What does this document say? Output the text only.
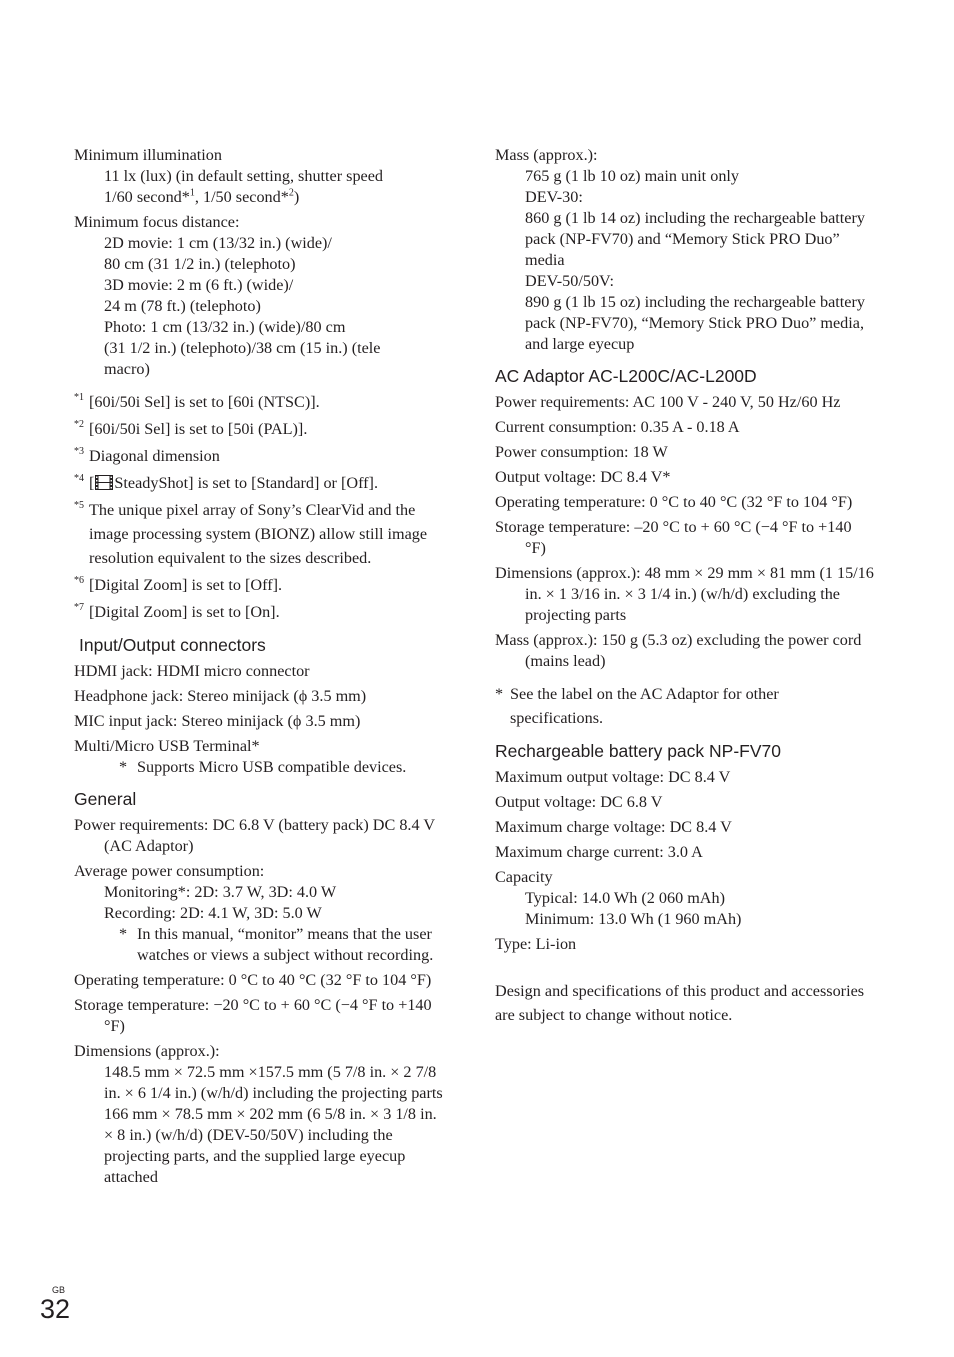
Minimum illumination
11 lx (lux) (in default setting, shutter speed
1/60 second*$^1$, 1/50 second*$^2$)
Minimum focus distance:
2D movie: 1 cm (13/32 in.) (wide)/
80 cm (31 1/2 in.) (telephoto)
3D movie: 2 m (6 ft.) (wide)/
24 m (78 ft.) (telephoto)
Photo: 1 cm (13/32 in.) (wide)/80 cm
(31 1/2 in.) (telephoto)/38 cm (15 in.) (tele
macro)
*1 [60i/50i Sel] is set to [60i (NTSC)].
*2 [60i/50i Sel] is set to [50i (PAL)].
*3 Diagonal dimension
*4 [ SteadyShot] is set to [Standard] or [Off].
*5 The unique pixel array of Sony’s ClearVid and the image processing system (BIONZ) allow still image resolution equivalent to the sizes described.
*6 [Digital Zoom] is set to [Off].
*7 [Digital Zoom] is set to [On].
Input/Output connectors
HDMI jack: HDMI micro connector
Headphone jack: Stereo minijack (ϕ 3.5 mm)
MIC input jack: Stereo minijack (ϕ 3.5 mm)
Multi/Micro USB Terminal*
* Supports Micro USB compatible devices.
General
Power requirements: DC 6.8 V (battery pack) DC 8.4 V (AC Adaptor)
Average power consumption:
Monitoring*: 2D: 3.7 W, 3D: 4.0 W
Recording: 2D: 4.1 W, 3D: 5.0 W
* In this manual, “monitor” means that the user watches or views a subject without recording.
Operating temperature: 0 °C to 40 °C (32 °F to 104 °F)
Storage temperature: −20 °C to + 60 °C (−4 °F to +140 °F)
Dimensions (approx.):
148.5 mm × 72.5 mm ×157.5 mm (5 7/8 in. × 2 7/8 in. × 6 1/4 in.) (w/h/d) including the projecting parts
166 mm × 78.5 mm × 202 mm (6 5/8 in. × 3 1/8 in. × 8 in.) (w/h/d) (DEV-50/50V) including the projecting parts, and the supplied large eyecup attached
Mass (approx.):
765 g (1 lb 10 oz) main unit only
DEV-30:
860 g (1 lb 14 oz) including the rechargeable battery pack (NP-FV70) and “Memory Stick PRO Duo” media
DEV-50/50V:
890 g (1 lb 15 oz) including the rechargeable battery pack (NP-FV70), “Memory Stick PRO Duo” media, and large eyecup
AC Adaptor AC-L200C/AC-L200D
Power requirements: AC 100 V - 240 V, 50 Hz/60 Hz
Current consumption: 0.35 A - 0.18 A
Power consumption: 18 W
Output voltage: DC 8.4 V*
Operating temperature: 0 °C to 40 °C (32 °F to 104 °F)
Storage temperature: –20 °C to + 60 °C (−4 °F to +140 °F)
Dimensions (approx.): 48 mm × 29 mm × 81 mm (1 15/16 in. × 1 3/16 in. × 3 1/4 in.) (w/h/d) excluding the projecting parts
Mass (approx.): 150 g (5.3 oz) excluding the power cord (mains lead)
* See the label on the AC Adaptor for other specifications.
Rechargeable battery pack NP-FV70
Maximum output voltage: DC 8.4 V
Output voltage: DC 6.8 V
Maximum charge voltage: DC 8.4 V
Maximum charge current: 3.0 A
Capacity
Typical: 14.0 Wh (2 060 mAh)
Minimum: 13.0 Wh (1 960 mAh)
Type: Li-ion
Design and specifications of this product and accessories are subject to change without notice.
GB
32
